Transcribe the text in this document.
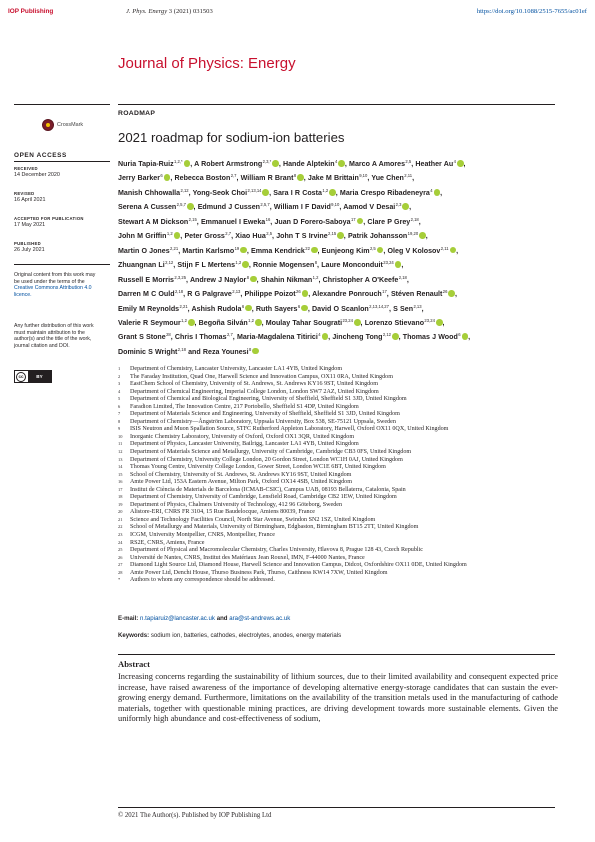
IOP Publishing	J. Phys. Energy 3 (2021) 031503	https://doi.org/10.1088/2515-7655/ac01ef
Journal of Physics: Energy
ROADMAP
CrossMark
2021 roadmap for sodium-ion batteries
OPEN ACCESS
RECEIVED
14 December 2020
REVISED
16 April 2021
ACCEPTED FOR PUBLICATION
17 May 2021
PUBLISHED
26 July 2021
Original content from this work may be used under the terms of the Creative Commons Attribution 4.0 licence.
Any further distribution of this work must maintain attribution to the author(s) and the title of the work, journal citation and DOI.
cc	BY
Nuria Tapia-Ruiz$^{1,2,*}$ , A Robert Armstrong$^{2,3,*}$ , Hande Alptekin$^4$ , Marco A Amores$^{2,5}$, Heather Au$^4$ ,
Jerry Barker$^6$ , Rebecca Boston$^{2,7}$, William R Brant$^8$ , Jake M Brittain$^{9,10}$, Yue Chen$^{2,11}$,
Manish Chhowalla$^{2,12}$, Yong-Seok Choi$^{2,13,14}$ , Sara I R Costa$^{1,2}$ , Maria Crespo Ribadeneyra$^4$ ,
Serena A Cussen$^{2,5,7}$ , Edmund J Cussen$^{2,5,7}$, William I F David$^{9,10}$, Aamod V Desai$^{2,3}$ ,
Stewart A M Dickson$^{2,15}$, Emmanuel I Eweka$^{16}$, Juan D Forero-Saboya$^{17}$ , Clare P Grey$^{2,18}$,
John M Griffin$^{1,2}$ , Peter Gross$^{2,7}$, Xiao Hua$^{2,5}$, John T S Irvine$^{2,15}$ , Patrik Johansson$^{19,20}$ ,
Martin O Jones$^{2,21}$, Martin Karlsmo$^{19}$ , Emma Kendrick$^{22}$ , Eunjeong Kim$^{2,5}$ , Oleg V Kolosov$^{2,11}$ ,
Zhuangnan Li$^{2,12}$, Stijn F L Mertens$^{1,2}$ , Ronnie Mogensen$^8$, Laure Monconduit$^{23,24}$ ,
Russell E Morris$^{2,3,25}$, Andrew J Naylor$^8$ , Shahin Nikman$^{1,2}$, Christopher A O'Keefe$^{2,18}$,
Darren M C Ould$^{2,18}$, R G Palgrave$^{2,13}$, Philippe Poizot$^{26}$ , Alexandre Ponrouch$^{17}$, Stéven Renault$^{26}$ ,
Emily M Reynolds$^{2,21}$, Ashish Rudola$^6$ , Ruth Sayers$^6$ , David O Scanlon$^{2,13,14,27}$, S Sen$^{2,13}$,
Valerie R Seymour$^{1,2}$ , Begoña Silván$^{1,2}$ , Moulay Tahar Sougrati$^{23,24}$ , Lorenzo Stievano$^{23,24}$ ,
Grant S Stone$^{28}$, Chris I Thomas$^{2,7}$, Maria-Magdalena Titirici$^4$ , Jincheng Tong$^{2,12}$ , Thomas J Wood$^6$ ,
Dominic S Wright$^{2,18}$ and Reza Younesi$^8$
1 Department of Chemistry, Lancaster University, Lancaster LA1 4YB, United Kingdom
2 The Faraday Institution, Quad One, Harwell Science and Innovation Campus, OX11 0RA, United Kingdom
3 EastChem School of Chemistry, University of St. Andrews, St. Andrews KY16 9ST, United Kingdom
4 Department of Chemical Engineering, Imperial College London, London SW7 2AZ, United Kingdom
5 Department of Chemical and Biological Engineering, University of Sheffield, Sheffield S1 3JD, United Kingdom
6 Faradion Limited, The Innovation Centre, 217 Portobello, Sheffield S1 4DP, United Kingdom
7 Department of Materials Science and Engineering, University of Sheffield, Sheffield S1 3JD, United Kingdom
8 Department of Chemistry—Ångström Laboratory, Uppsala University, Box 538, SE-75121 Uppsala, Sweden
9 ISIS Neutron and Muon Spallation Source, STFC Rutherford Appleton Laboratory, Harwell, Oxford OX11 0QX, United Kingdom
10 Inorganic Chemistry Laboratory, University of Oxford, Oxford OX1 3QR, United Kingdom
11 Department of Physics, Lancaster University, Bailrigg, Lancaster LA1 4YB, United Kingdom
12 Department of Materials Science and Metallurgy, University of Cambridge, Cambridge CB3 0FS, United Kingdom
13 Department of Chemistry, University College London, 20 Gordon Street, London WC1H 0AJ, United Kingdom
14 Thomas Young Centre, University College London, Gower Street, London WC1E 6BT, United Kingdom
15 School of Chemistry, University of St. Andrews, St. Andrews KY16 9ST, United Kingdom
16 Amte Power Ltd, 153A Eastern Avenue, Milton Park, Oxford OX14 4SB, United Kingdom
17 Institut de Ciència de Materials de Barcelona (ICMAB-CSIC), Campus UAB, 08193 Bellaterra, Catalonia, Spain
18 Department of Chemistry, University of Cambridge, Lensfield Road, Cambridge CB2 1EW, United Kingdom
19 Department of Physics, Chalmers University of Technology, 412 96 Göteborg, Sweden
20 Alistore-ERI, CNRS FR 3104, 15 Rue Baudelocque, Amiens 80039, France
21 Science and Technology Facilities Council, North Star Avenue, Swindon SN2 1SZ, United Kingdom
22 School of Metallurgy and Materials, University of Birmingham, Edgbaston, Birmingham BT15 2TT, United Kingdom
23 ICGM, University Montpellier, CNRS, Montpellier, France
24 RS2E, CNRS, Amiens, France
25 Department of Physical and Macromolecular Chemistry, Charles University, Hlavova 8, Prague 128 43, Czech Republic
26 Université de Nantes, CNRS, Institut des Matériaux Jean Rouxel, IMN, F-44000 Nantes, France
27 Diamond Light Source Ltd, Diamond House, Harwell Science and Innovation Campus, Didcot, Oxfordshire OX11 0DE, United Kingdom
28 Amte Power Ltd, Denchi House, Thurso Business Park, Thurso, Caithness KW14 7XW, United Kingdom
* Authors to whom any correspondence should be addressed.
E-mail: n.tapiaruiz@lancaster.ac.uk and ara@st-andrews.ac.uk
Keywords: sodium ion, batteries, cathodes, electrolytes, anodes, energy materials
Abstract
Increasing concerns regarding the sustainability of lithium sources, due to their limited availability and consequent expected price increase, have raised awareness of the importance of developing alternative energy-storage candidates that can sustain the ever-growing energy demand. Furthermore, limitations on the availability of the transition metals used in the manufacturing of cathode materials, together with questionable mining practices, are driving development towards more sustainable elements. Given the uniformly high abundance and cost-effectiveness of sodium,
© 2021 The Author(s). Published by IOP Publishing Ltd
